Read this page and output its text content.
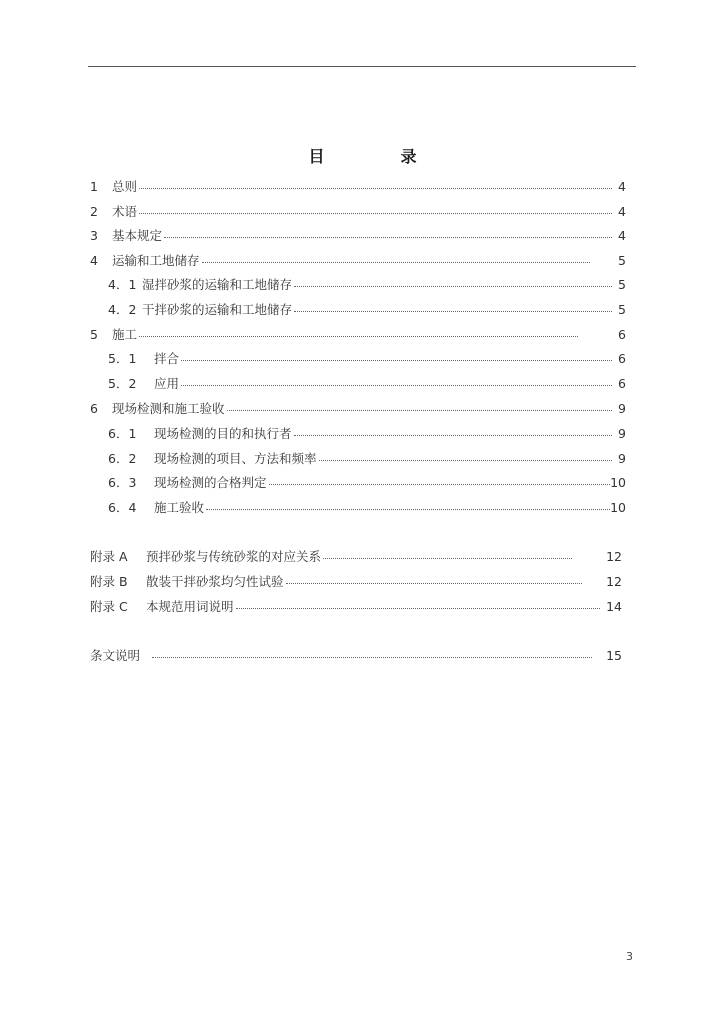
目	录
1	总则	4
2	术语	4
3	基本规定	4
4	运输和工地储存	5
4．1 湿拌砂浆的运输和工地储存	5
4．2 干拌砂浆的运输和工地储存	5
5	施工	6
5．1	拌合	6
5．2	应用	6
6	现场检测和施工验收	9
6．1	现场检测的目的和执行者	9
6．2	现场检测的项目、方法和频率	9
6．3	现场检测的合格判定	10
6．4	施工验收	10
附录 A	预拌砂浆与传统砂浆的对应关系	12
附录 B	散装干拌砂浆均匀性试验	12
附录 C	本规范用词说明	14
条文说明	15
3
